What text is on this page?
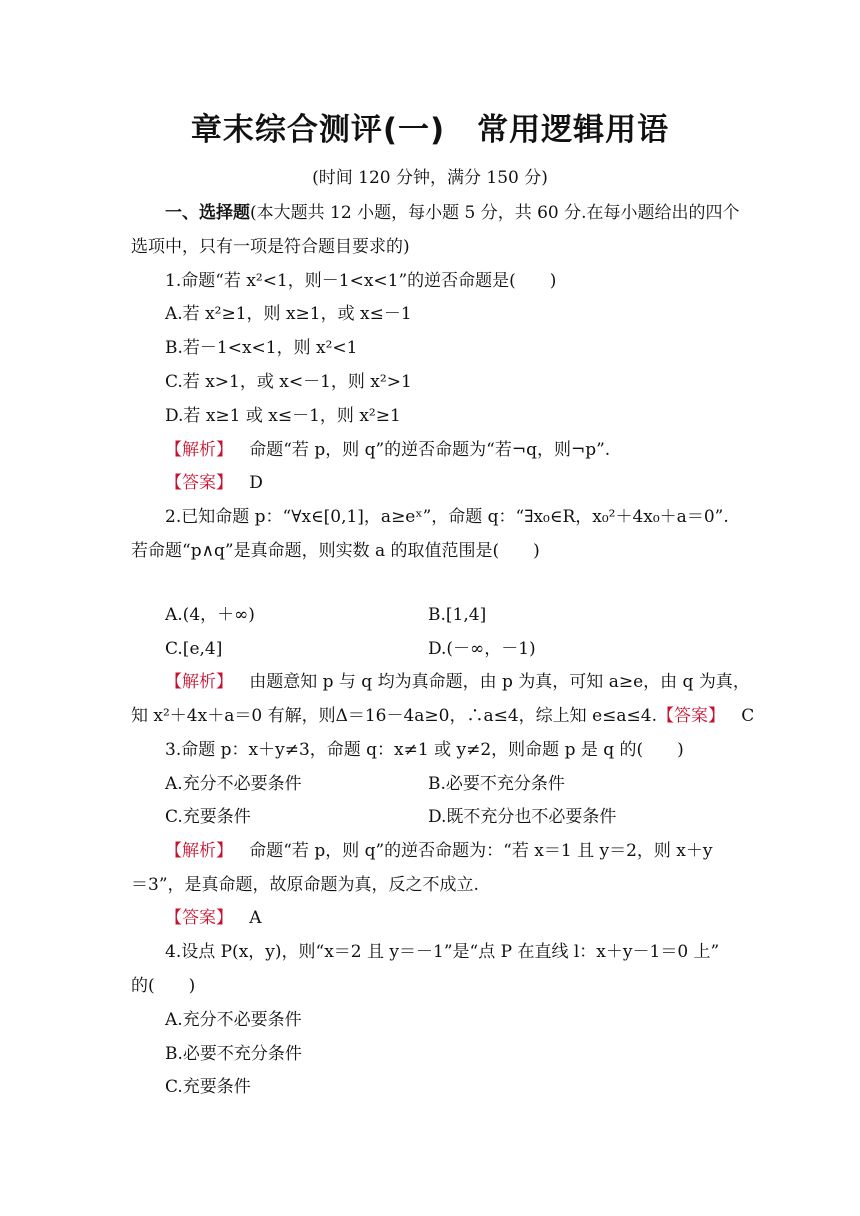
章末综合测评(一)　常用逻辑用语
(时间 120 分钟，满分 150 分)
一、选择题(本大题共 12 小题，每小题 5 分，共 60 分.在每小题给出的四个
选项中，只有一项是符合题目要求的)
1.命题“若 x²<1，则－1<x<1”的逆否命题是(　　)
A.若 x²≥1，则 x≥1，或 x≤－1
B.若－1<x<1，则 x²<1
C.若 x>1，或 x<－1，则 x²>1
D.若 x≥1 或 x≤－1，则 x²≥1
【解析】 命题“若 p，则 q”的逆否命题为“若¬q，则¬p”.
【答案】 D
2.已知命题 p：“∀x∈[0,1]，a≥eˣ”，命题 q：“∃x₀∈R，x₀²＋4x₀＋a＝0”.
若命题“p∧q”是真命题，则实数 a 的取值范围是(　　)
A.(4，＋∞)	B.[1,4]
C.[e,4]	D.(－∞，－1)
【解析】 由题意知 p 与 q 均为真命题，由 p 为真，可知 a≥e，由 q 为真，
知 x²＋4x＋a＝0 有解，则Δ＝16－4a≥0，∴a≤4，综上知 e≤a≤4.【答案】 C
3.命题 p：x＋y≠3，命题 q：x≠1 或 y≠2，则命题 p 是 q 的(　　)
A.充分不必要条件	B.必要不充分条件
C.充要条件	D.既不充分也不必要条件
【解析】 命题“若 p，则 q”的逆否命题为：“若 x＝1 且 y＝2，则 x＋y
＝3”，是真命题，故原命题为真，反之不成立.
【答案】 A
4.设点 P(x，y)，则“x＝2 且 y＝－1”是“点 P 在直线 l：x＋y－1＝0 上”
的(　　)
A.充分不必要条件
B.必要不充分条件
C.充要条件
